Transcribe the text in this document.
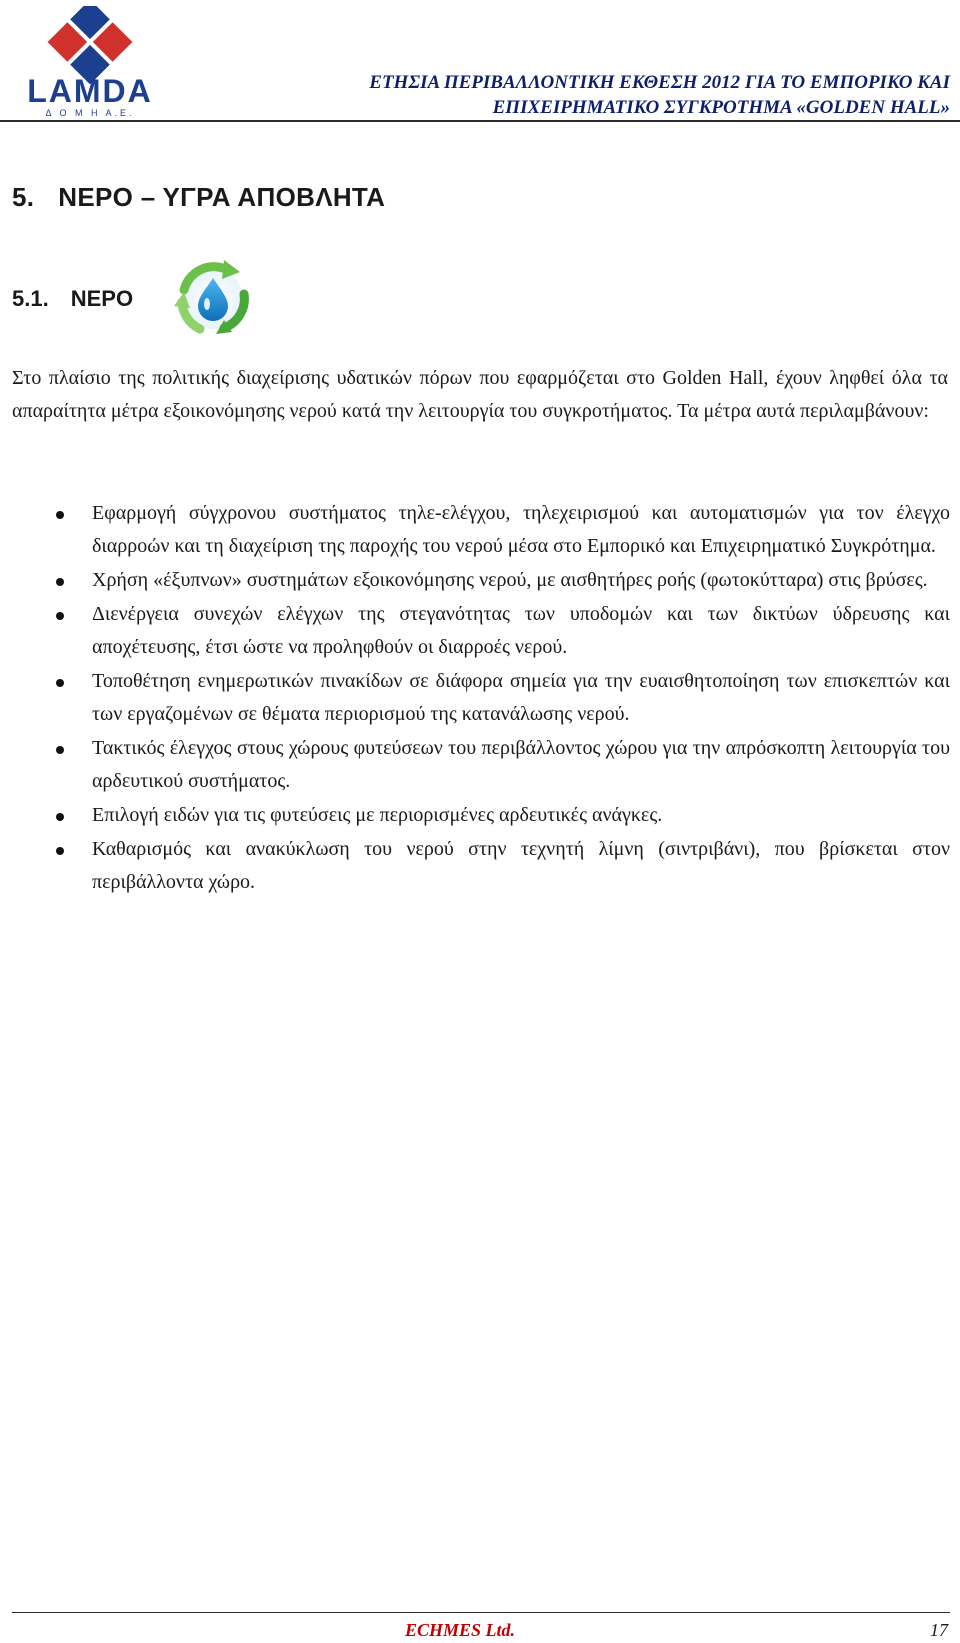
LAMDA
Δ Ο Μ Η Α.Ε.
ΕΤΗΣΙΑ ΠΕΡΙΒΑΛΛΟΝΤΙΚΗ ΕΚΘΕΣΗ 2012 ΓΙΑ ΤΟ ΕΜΠΟΡΙΚΟ ΚΑΙ
ΕΠΙΧΕΙΡΗΜΑΤΙΚΟ ΣΥΓΚΡΟΤΗΜΑ «GOLDEN HALL»
5. ΝΕΡΟ – ΥΓΡΑ ΑΠΟΒΛΗΤΑ
5.1. ΝΕΡΟ

Στο πλαίσιο της πολιτικής διαχείρισης υδατικών πόρων που εφαρμόζεται στο Golden Hall, έχουν ληφθεί όλα τα απαραίτητα μέτρα εξοικονόμησης νερού κατά την λειτουργία του συγκροτήματος. Τα μέτρα αυτά περιλαμβάνουν:

Εφαρμογή σύγχρονου συστήματος τηλε-ελέγχου, τηλεχειρισμού και αυτοματισμών για τον έλεγχο διαρροών και τη διαχείριση της παροχής του νερού μέσα στο Εμπορικό και Επιχειρηματικό Συγκρότημα.
Χρήση «έξυπνων» συστημάτων εξοικονόμησης νερού, με αισθητήρες ροής (φωτοκύτταρα) στις βρύσες.
Διενέργεια συνεχών ελέγχων της στεγανότητας των υποδομών και των δικτύων ύδρευσης και αποχέτευσης, έτσι ώστε να προληφθούν οι διαρροές νερού.
Τοποθέτηση ενημερωτικών πινακίδων σε διάφορα σημεία για την ευαισθητοποίηση των επισκεπτών και των εργαζομένων σε θέματα περιορισμού της κατανάλωσης νερού.
Τακτικός έλεγχος στους χώρους φυτεύσεων του περιβάλλοντος χώρου για την απρόσκοπτη λειτουργία του αρδευτικού συστήματος.
Επιλογή ειδών για τις φυτεύσεις με περιορισμένες αρδευτικές ανάγκες.
Καθαρισμός και ανακύκλωση του νερού στην τεχνητή λίμνη (σιντριβάνι), που βρίσκεται στον περιβάλλοντα χώρο.
ECHMES Ltd.	17
